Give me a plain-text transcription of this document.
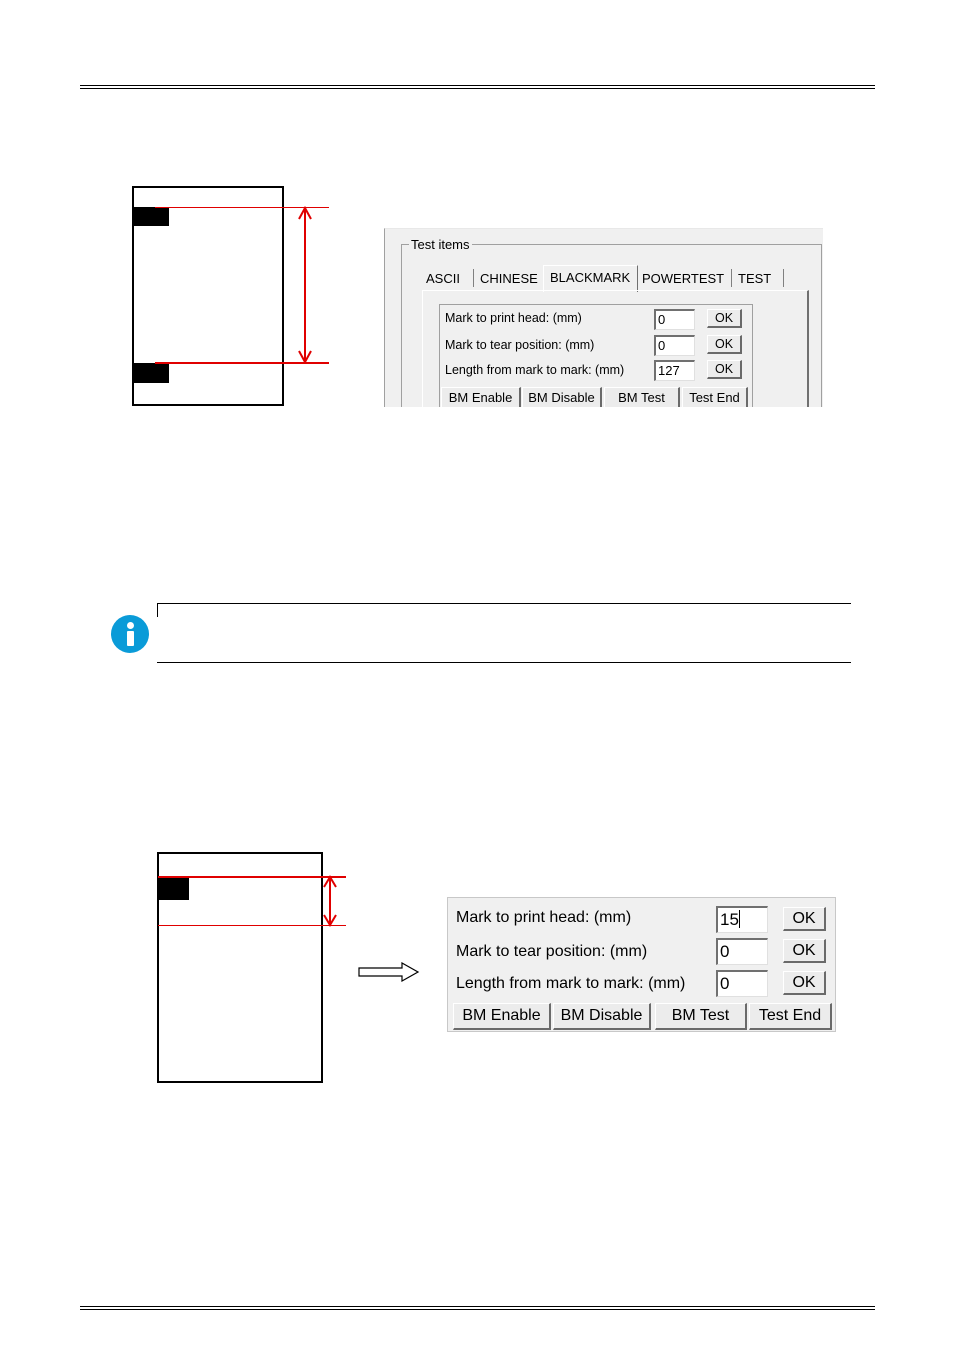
Test items
ASCII CHINESE BLACKMARK POWERTEST TEST
Mark to print head: (mm)	0	OK
Mark to tear position: (mm)	0	OK
Length from mark to mark: (mm)	127	OK
BM Enable	BM Disable	BM Test	Test End
Mark to print head: (mm)	15	OK
Mark to tear position: (mm)	0	OK
Length from mark to mark: (mm) 0	OK
BM Enable	BM Disable	BM Test	Test End
